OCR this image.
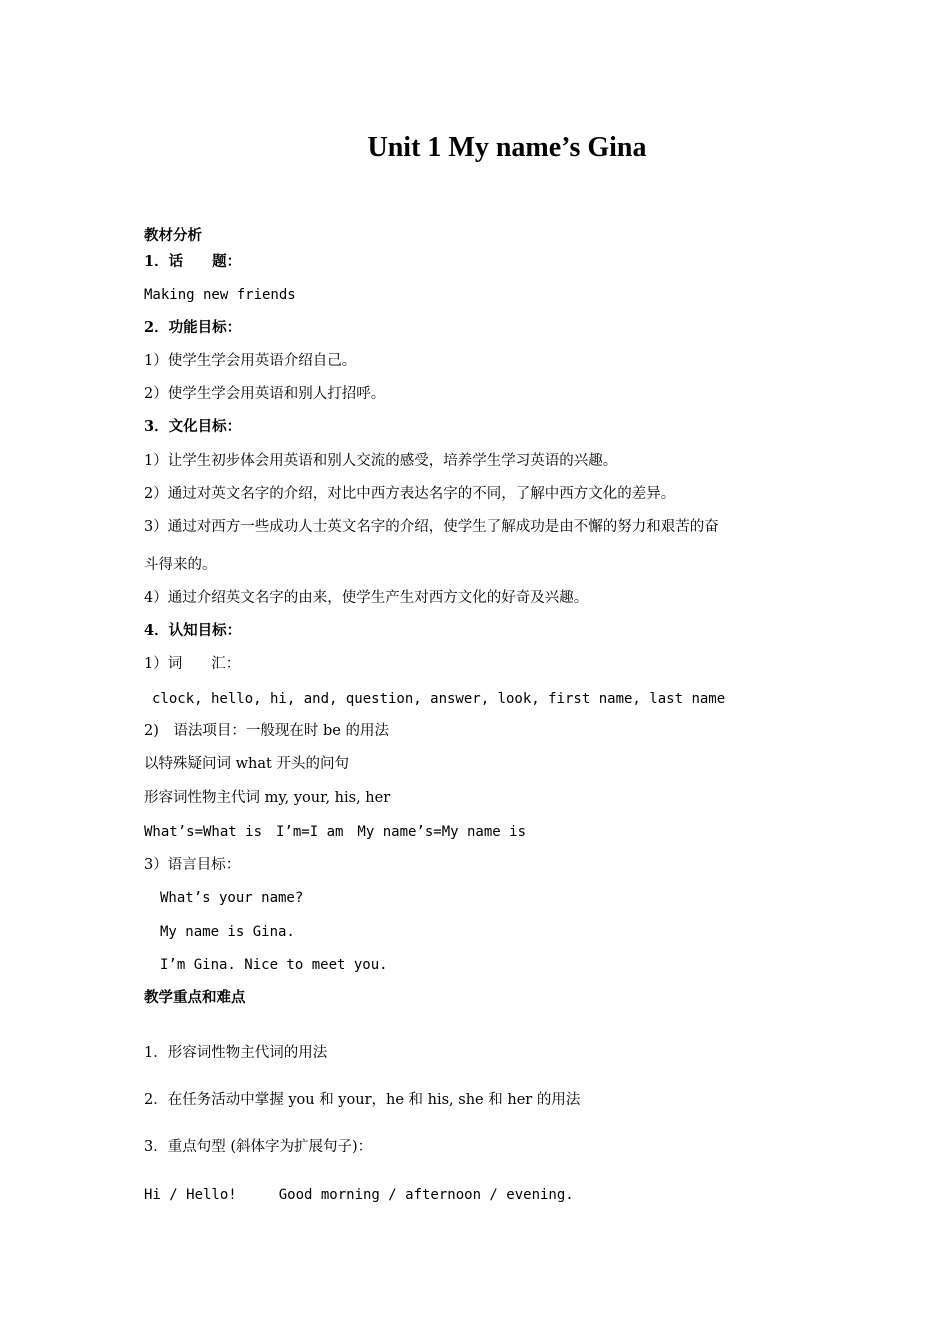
Unit 1 My name’s Gina
教材分析
1．话　　题：
Making new friends
2．功能目标：
1）使学生学会用英语介绍自己。
2）使学生学会用英语和别人打招呼。
3．文化目标：
1）让学生初步体会用英语和别人交流的感受，培养学生学习英语的兴趣。
2）通过对英文名字的介绍，对比中西方表达名字的不同，了解中西方文化的差异。
3）通过对西方一些成功人士英文名字的介绍，使学生了解成功是由不懈的努力和艰苦的奋
斗得来的。
4）通过介绍英文名字的由来，使学生产生对西方文化的好奇及兴趣。
4．认知目标：
1）词　　汇：
clock, hello, hi, and, question, answer, look, first name, last name
2)　语法项目：一般现在时 be 的用法
以特殊疑问词 what 开头的问句
形容词性物主代词 my, your, his, her
What’s=What is　I’m=I am　My name’s=My name is
3）语言目标：
What’s your name?
My name is Gina.
I’m Gina. Nice to meet you.
教学重点和难点
1．形容词性物主代词的用法
2．在任务活动中掌握 you 和 your，he 和 his, she 和 her 的用法
3．重点句型 (斜体字为扩展句子)：
Hi / Hello!　　　Good morning / afternoon / evening.
